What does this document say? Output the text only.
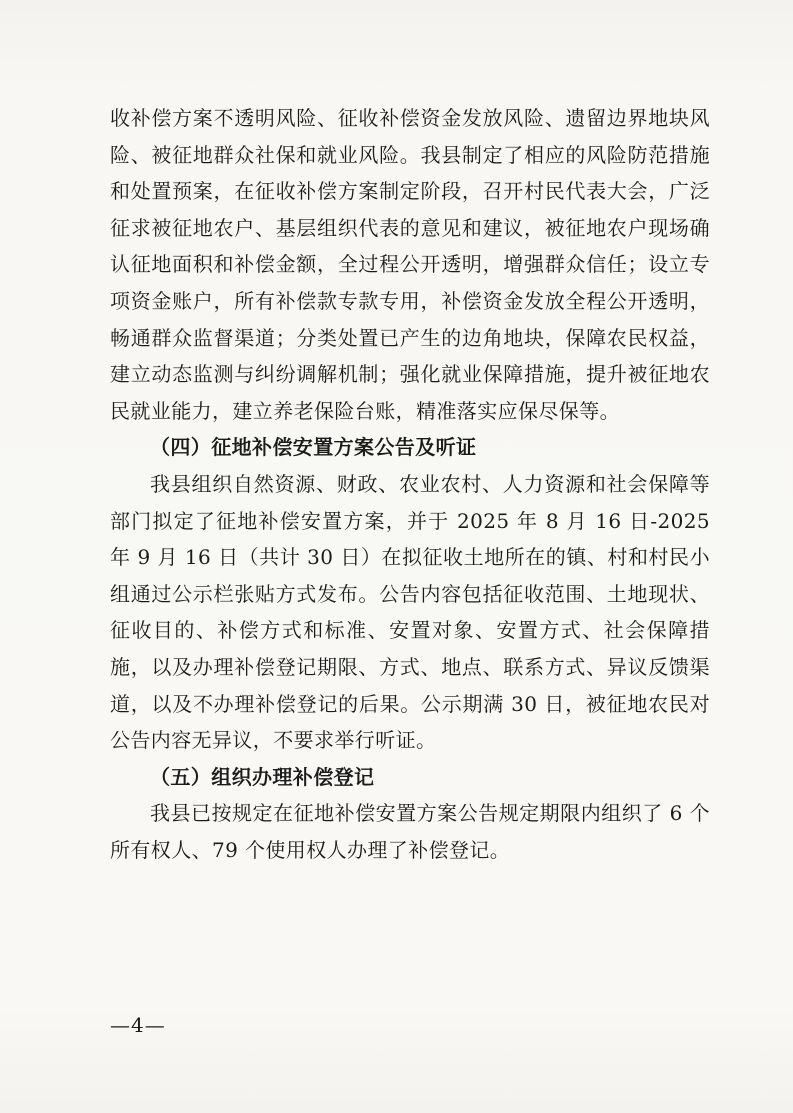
收补偿方案不透明风险、征收补偿资金发放风险、遗留边界地块风险、被征地群众社保和就业风险。我县制定了相应的风险防范措施和处置预案，在征收补偿方案制定阶段，召开村民代表大会，广泛征求被征地农户、基层组织代表的意见和建议，被征地农户现场确认征地面积和补偿金额，全过程公开透明，增强群众信任；设立专项资金账户，所有补偿款专款专用，补偿资金发放全程公开透明，畅通群众监督渠道；分类处置已产生的边角地块，保障农民权益，建立动态监测与纠纷调解机制；强化就业保障措施，提升被征地农民就业能力，建立养老保险台账，精准落实应保尽保等。

（四）征地补偿安置方案公告及听证

我县组织自然资源、财政、农业农村、人力资源和社会保障等部门拟定了征地补偿安置方案，并于 2025 年 8 月 16 日-2025 年 9 月 16 日（共计 30 日）在拟征收土地所在的镇、村和村民小组通过公示栏张贴方式发布。公告内容包括征收范围、土地现状、征收目的、补偿方式和标准、安置对象、安置方式、社会保障措施，以及办理补偿登记期限、方式、地点、联系方式、异议反馈渠道，以及不办理补偿登记的后果。公示期满 30 日，被征地农民对公告内容无异议，不要求举行听证。

（五）组织办理补偿登记

我县已按规定在征地补偿安置方案公告规定期限内组织了 6 个所有权人、79 个使用权人办理了补偿登记。

—4—
